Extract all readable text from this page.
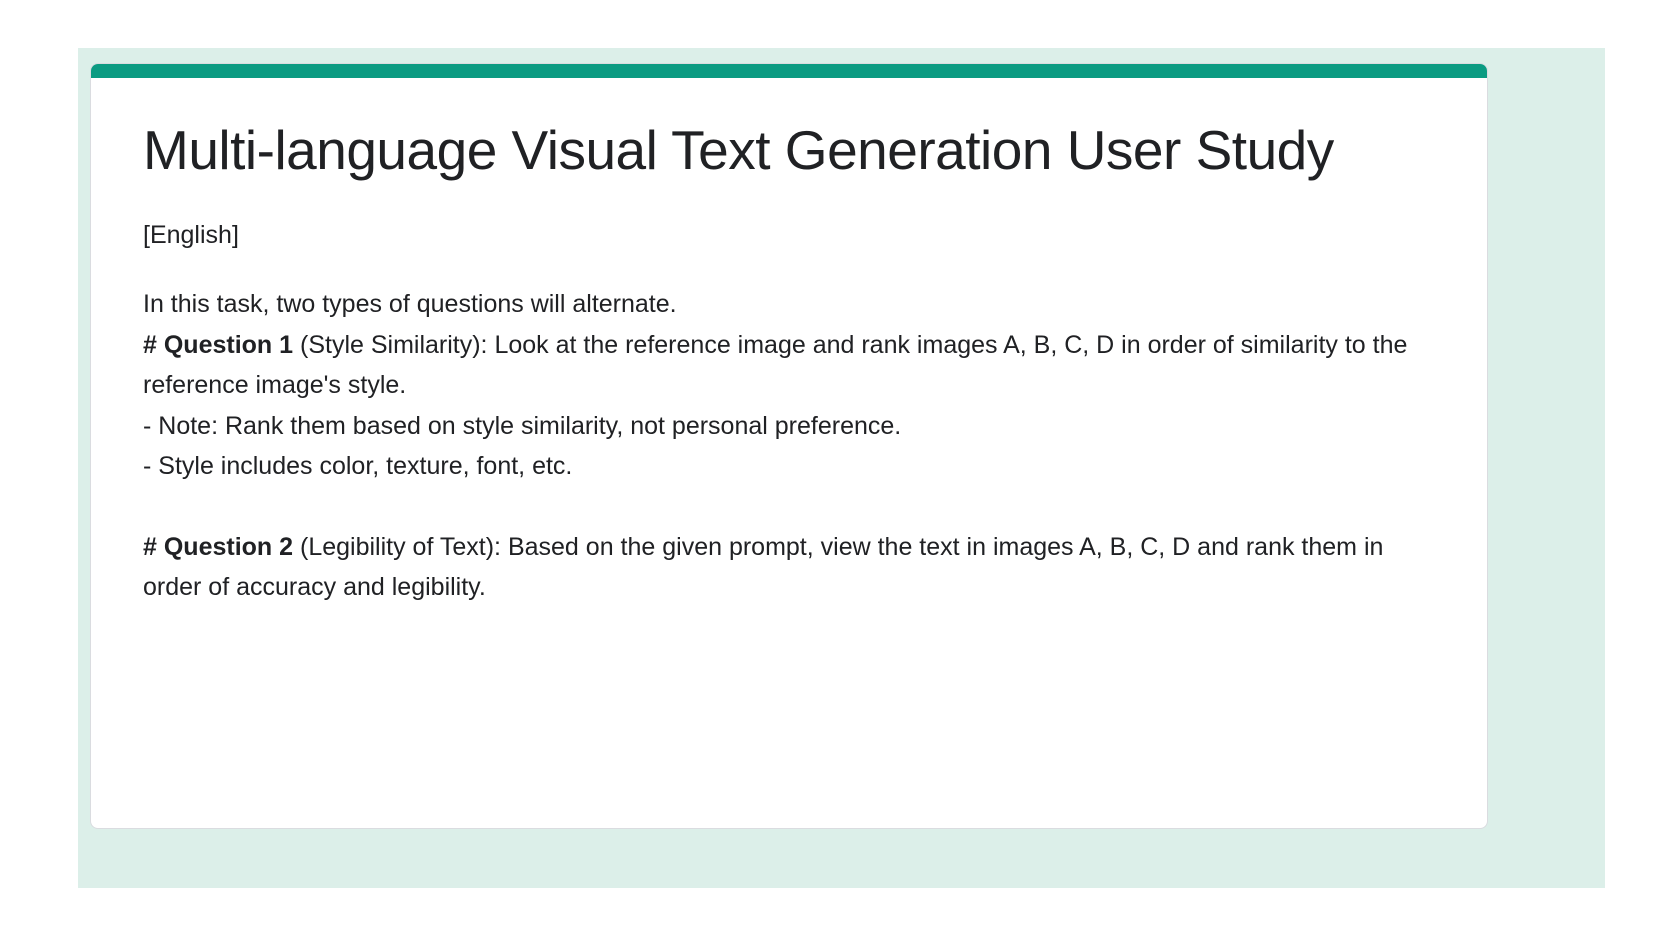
Multi-language Visual Text Generation User Study
[English]

In this task, two types of questions will alternate.

# Question 1 (Style Similarity): Look at the reference image and rank images A, B, C, D in order of similarity to the reference image's style.

- Note: Rank them based on style similarity, not personal preference.

- Style includes color, texture, font, etc.

# Question 2 (Legibility of Text): Based on the given prompt, view the text in images A, B, C, D and rank them in order of accuracy and legibility.
